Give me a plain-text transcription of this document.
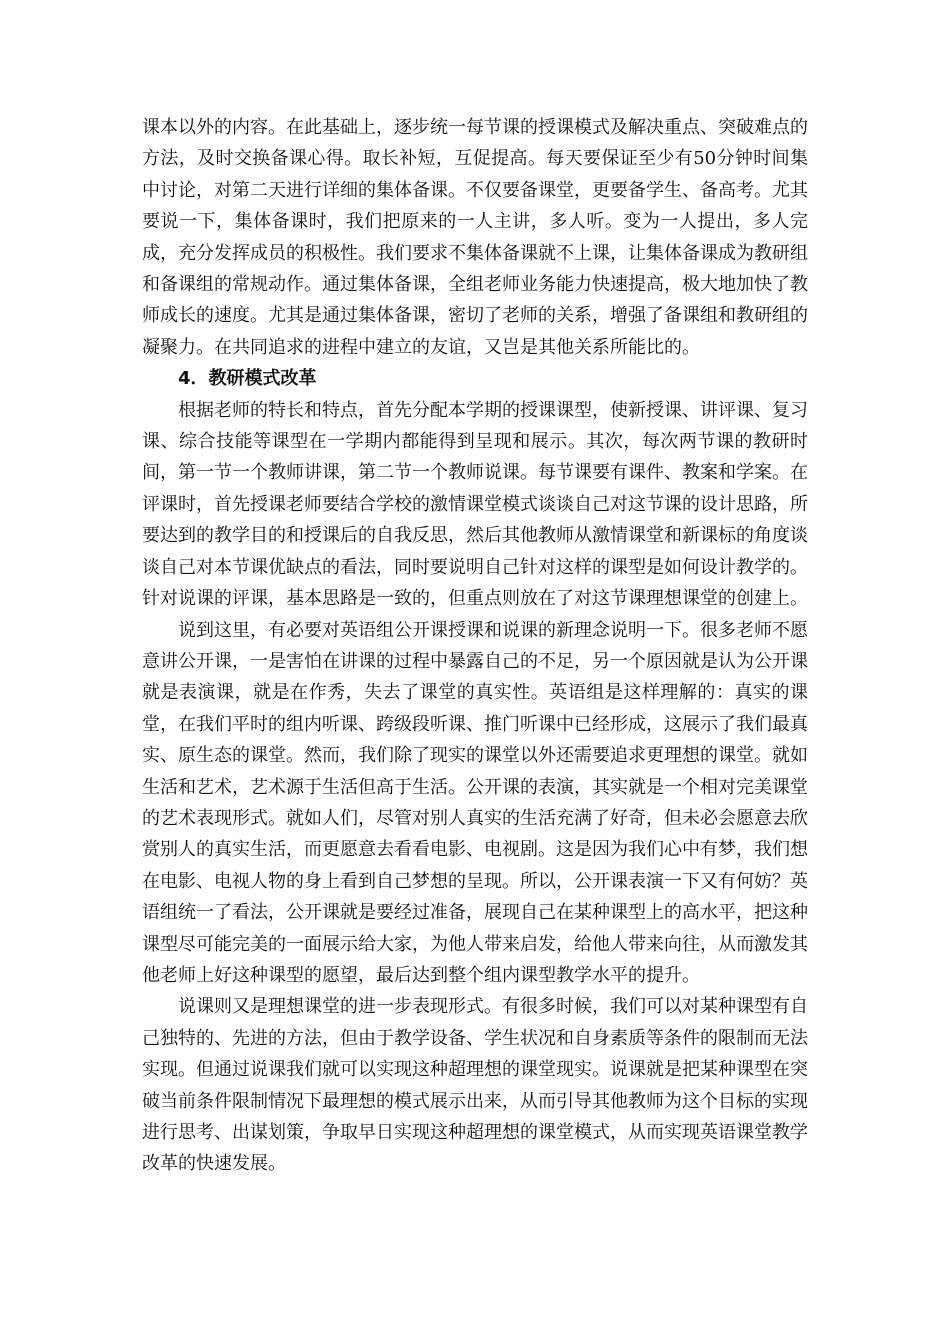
课本以外的内容。在此基础上，逐步统一每节课的授课模式及解决重点、突破难点的方法，及时交换备课心得。取长补短，互促提高。每天要保证至少有50分钟时间集中讨论，对第二天进行详细的集体备课。不仅要备课堂，更要备学生、备高考。尤其要说一下，集体备课时，我们把原来的一人主讲，多人听。变为一人提出，多人完成，充分发挥成员的积极性。我们要求不集体备课就不上课，让集体备课成为教研组和备课组的常规动作。通过集体备课，全组老师业务能力快速提高，极大地加快了教师成长的速度。尤其是通过集体备课，密切了老师的关系，增强了备课组和教研组的凝聚力。在共同追求的进程中建立的友谊，又岂是其他关系所能比的。

4．教研模式改革

根据老师的特长和特点，首先分配本学期的授课课型，使新授课、讲评课、复习课、综合技能等课型在一学期内都能得到呈现和展示。其次，每次两节课的教研时间，第一节一个教师讲课，第二节一个教师说课。每节课要有课件、教案和学案。在评课时，首先授课老师要结合学校的激情课堂模式谈谈自己对这节课的设计思路，所要达到的教学目的和授课后的自我反思，然后其他教师从激情课堂和新课标的角度谈谈自己对本节课优缺点的看法，同时要说明自己针对这样的课型是如何设计教学的。针对说课的评课，基本思路是一致的，但重点则放在了对这节课理想课堂的创建上。

说到这里，有必要对英语组公开课授课和说课的新理念说明一下。很多老师不愿意讲公开课，一是害怕在讲课的过程中暴露自己的不足，另一个原因就是认为公开课就是表演课，就是在作秀，失去了课堂的真实性。英语组是这样理解的：真实的课堂，在我们平时的组内听课、跨级段听课、推门听课中已经形成，这展示了我们最真实、原生态的课堂。然而，我们除了现实的课堂以外还需要追求更理想的课堂。就如生活和艺术，艺术源于生活但高于生活。公开课的表演，其实就是一个相对完美课堂的艺术表现形式。就如人们，尽管对别人真实的生活充满了好奇，但未必会愿意去欣赏别人的真实生活，而更愿意去看看电影、电视剧。这是因为我们心中有梦，我们想在电影、电视人物的身上看到自己梦想的呈现。所以，公开课表演一下又有何妨？英语组统一了看法，公开课就是要经过准备，展现自己在某种课型上的高水平，把这种课型尽可能完美的一面展示给大家，为他人带来启发，给他人带来向往，从而激发其他老师上好这种课型的愿望，最后达到整个组内课型教学水平的提升。

说课则又是理想课堂的进一步表现形式。有很多时候，我们可以对某种课型有自己独特的、先进的方法，但由于教学设备、学生状况和自身素质等条件的限制而无法实现。但通过说课我们就可以实现这种超理想的课堂现实。说课就是把某种课型在突破当前条件限制情况下最理想的模式展示出来，从而引导其他教师为这个目标的实现进行思考、出谋划策，争取早日实现这种超理想的课堂模式，从而实现英语课堂教学改革的快速发展。
